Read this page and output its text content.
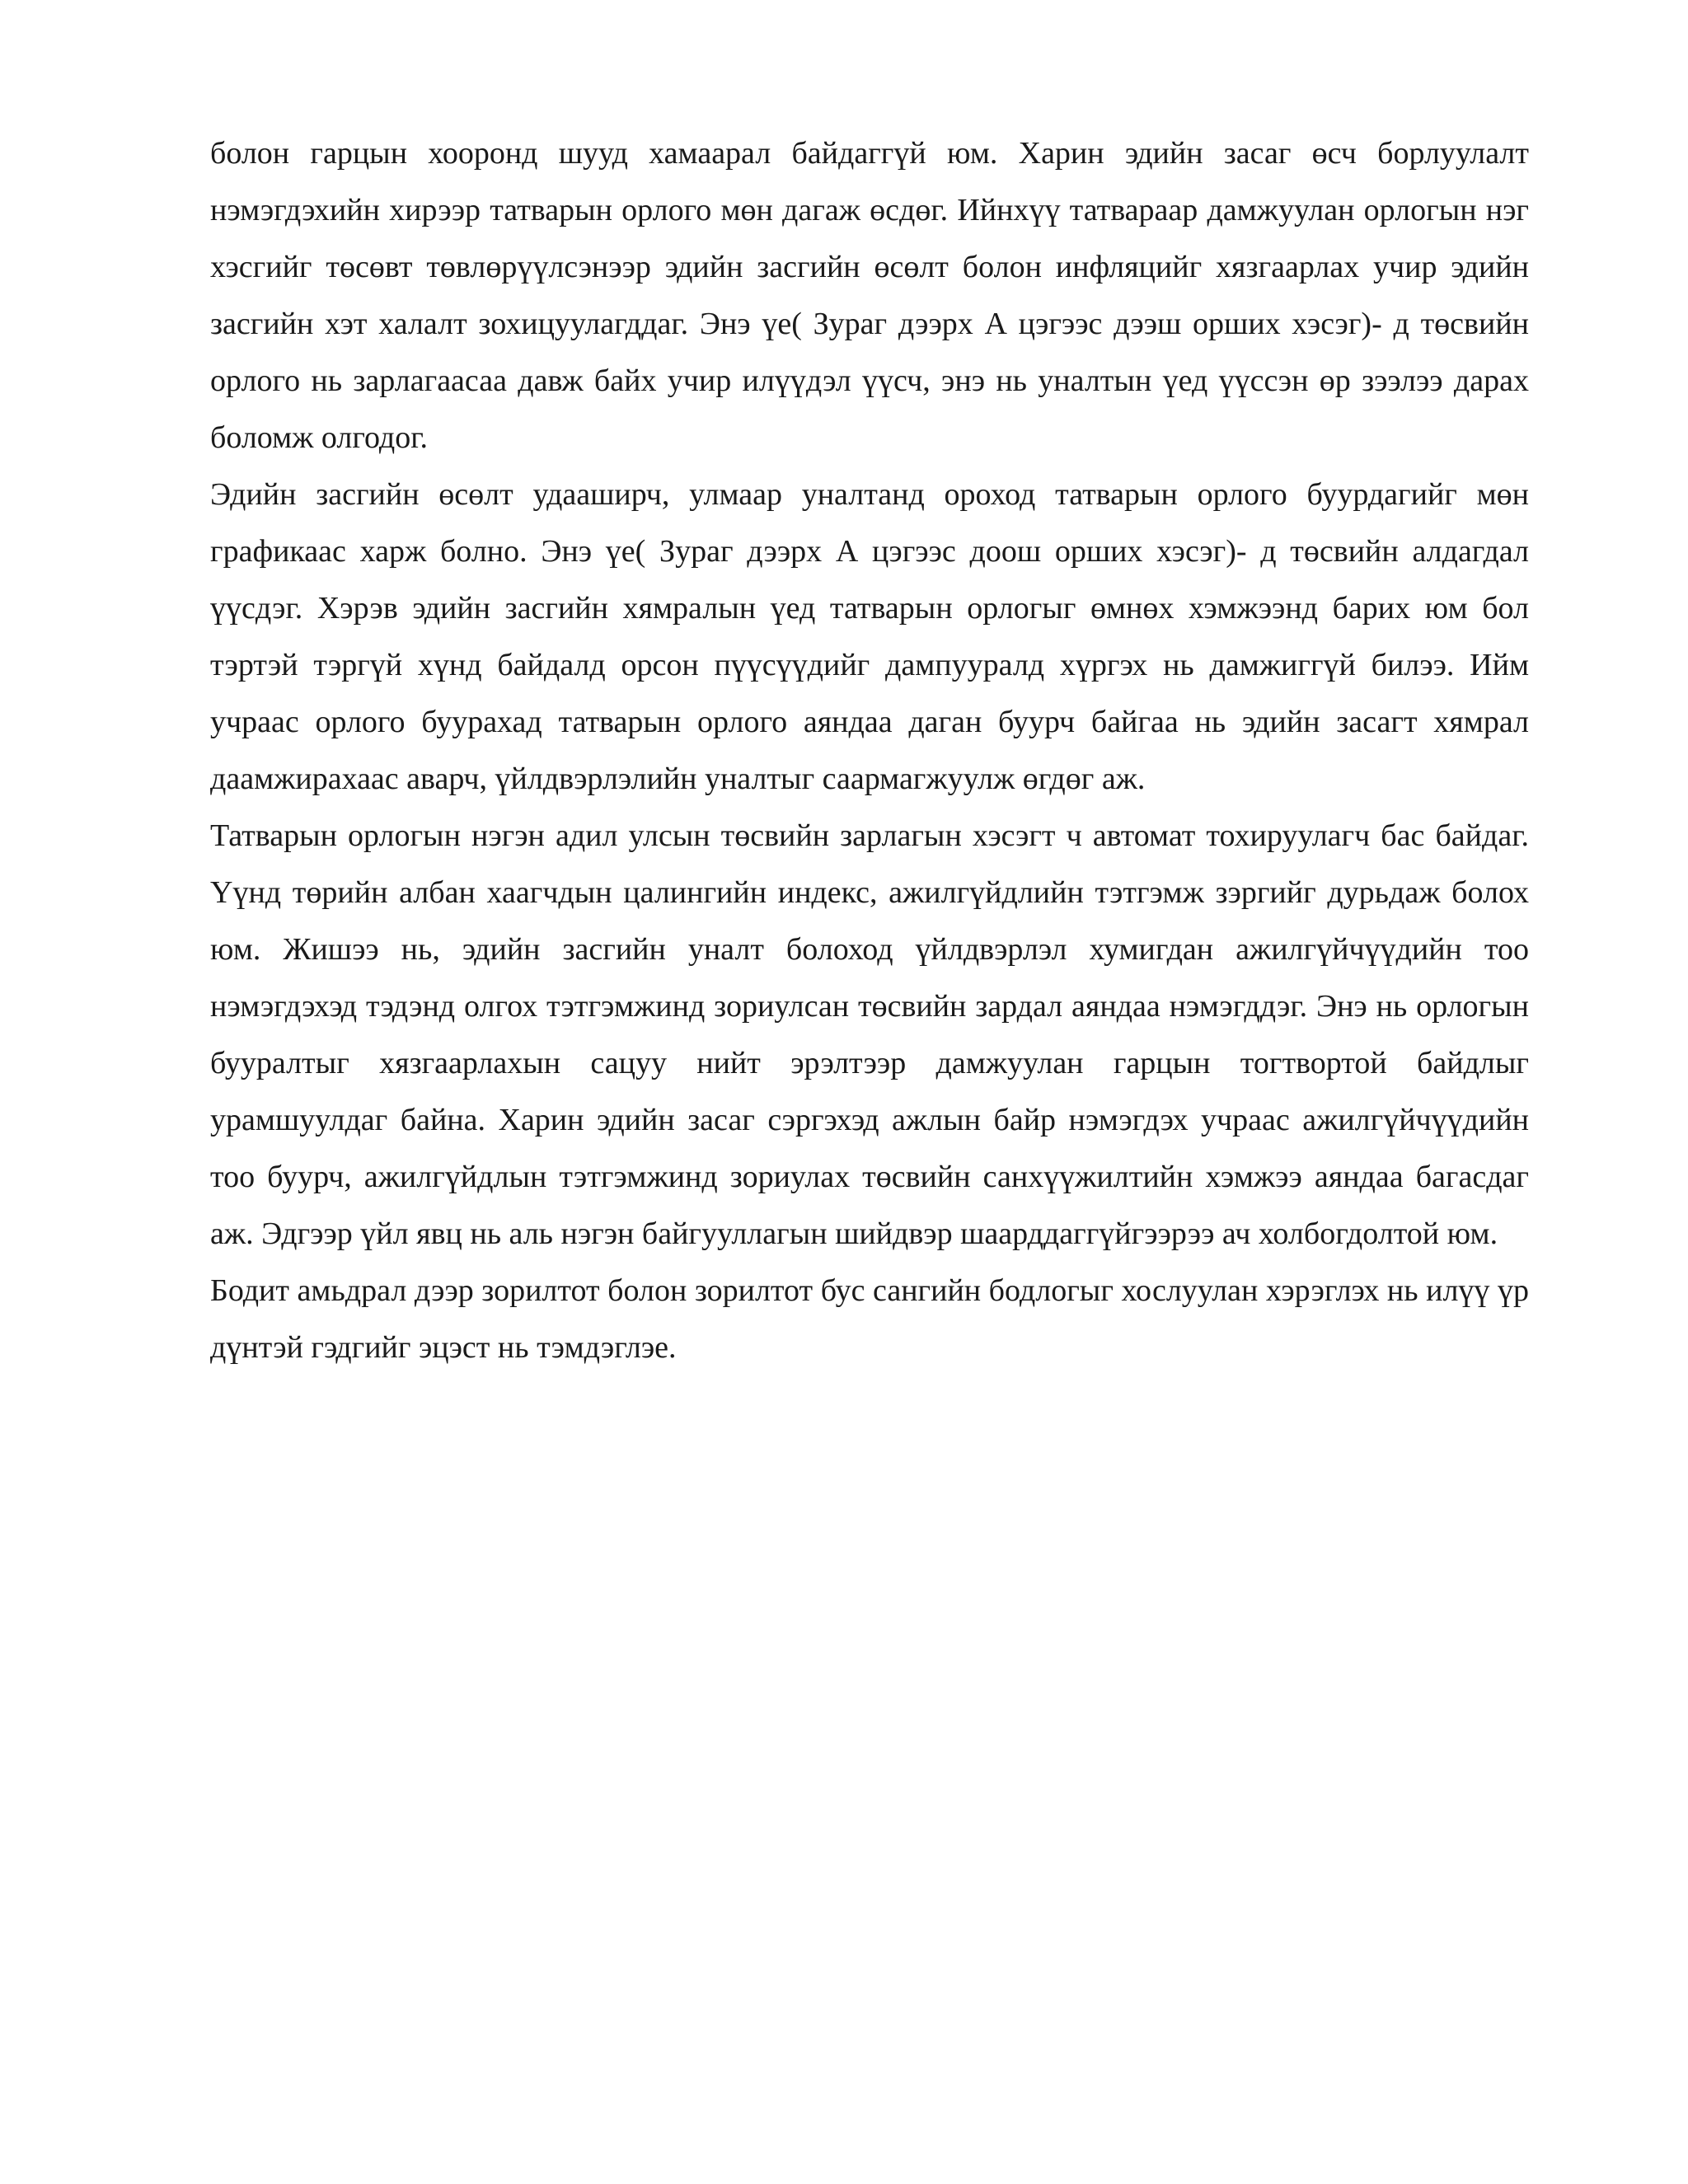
болон гарцын хооронд шууд хамаарал байдаггүй юм. Харин эдийн засаг өсч борлуулалт нэмэгдэхийн хирээр татварын орлого мөн дагаж өсдөг. Ийнхүү татвараар дамжуулан орлогын нэг хэсгийг төсөвт төвлөрүүлсэнээр эдийн засгийн өсөлт болон инфляцийг хязгаарлах учир эдийн засгийн хэт халалт зохицуулагддаг. Энэ үе( Зураг дээрх А цэгээс дээш орших хэсэг)- д төсвийн орлого нь зарлагаасаа давж байх учир илүүдэл үүсч, энэ нь уналтын үед үүссэн өр зээлээ дарах боломж олгодог.

Эдийн засгийн өсөлт удааширч, улмаар уналтанд ороход татварын орлого буурдагийг мөн графикаас харж болно. Энэ үе( Зураг дээрх А цэгээс доош орших хэсэг)- д төсвийн алдагдал үүсдэг. Хэрэв эдийн засгийн хямралын үед татварын орлогыг өмнөх хэмжээнд барих юм бол тэртэй тэргүй хүнд байдалд орсон пүүсүүдийг дампууралд хүргэх нь дамжиггүй билээ. Ийм учраас орлого буурахад татварын орлого аяндаа даган буурч байгаа нь эдийн засагт хямрал даамжирахаас аварч, үйлдвэрлэлийн уналтыг саармагжуулж өгдөг аж.

Татварын орлогын нэгэн адил улсын төсвийн зарлагын хэсэгт ч автомат тохируулагч бас байдаг. Үүнд төрийн албан хаагчдын цалингийн индекс, ажилгүйдлийн тэтгэмж зэргийг дурьдаж болох юм. Жишээ нь, эдийн засгийн уналт болоход үйлдвэрлэл хумигдан ажилгүйчүүдийн тоо нэмэгдэхэд тэдэнд олгох тэтгэмжинд зориулсан төсвийн зардал аяндаа нэмэгддэг. Энэ нь орлогын бууралтыг хязгаарлахын сацуу нийт эрэлтээр дамжуулан гарцын тогтвортой байдлыг урамшуулдаг байна. Харин эдийн засаг сэргэхэд ажлын байр нэмэгдэх учраас ажилгүйчүүдийн тоо буурч, ажилгүйдлын тэтгэмжинд зориулах төсвийн санхүүжилтийн хэмжээ аяндаа багасдаг аж. Эдгээр үйл явц нь аль нэгэн байгууллагын шийдвэр шаарддаггүйгээрээ ач холбогдолтой юм.

Бодит амьдрал дээр зорилтот болон зорилтот бус сангийн бодлогыг хослуулан хэрэглэх нь илүү үр дүнтэй гэдгийг эцэст нь тэмдэглэе.
